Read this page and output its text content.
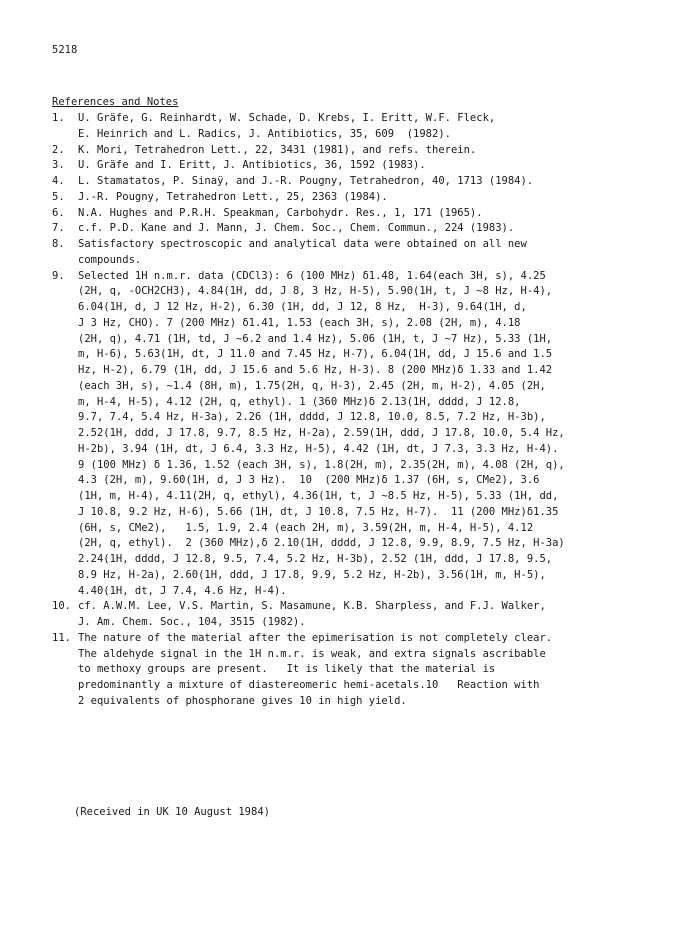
5218
References and Notes
1. U. Gräfe, G. Reinhardt, W. Schade, D. Krebs, I. Eritt, W.F. Fleck,
E. Heinrich and L. Radics, J. Antibiotics, 35, 609  (1982).
2. K. Mori, Tetrahedron Lett., 22, 3431 (1981), and refs. therein.
3. U. Gräfe and I. Eritt, J. Antibiotics, 36, 1592 (1983).
4. L. Stamatatos, P. Sinaÿ, and J.-R. Pougny, Tetrahedron, 40, 1713 (1984).
5. J.-R. Pougny, Tetrahedron Lett., 25, 2363 (1984).
6. N.A. Hughes and P.R.H. Speakman, Carbohydr. Res., 1, 171 (1965).
7. c.f. P.D. Kane and J. Mann, J. Chem. Soc., Chem. Commun., 224 (1983).
8. Satisfactory spectroscopic and analytical data were obtained on all new
compounds.
9. Selected 1H n.m.r. data (CDCl3): 6 (100 MHz) δ1.48, 1.64(each 3H, s), 4.25
(2H, q, -OCH2CH3), 4.84(1H, dd, J 8, 3 Hz, H-5), 5.90(1H, t, J ~8 Hz, H-4),
6.04(1H, d, J 12 Hz, H-2), 6.30 (1H, dd, J 12, 8 Hz,  H-3), 9.64(1H, d,
J 3 Hz, CHO). 7 (200 MHz) δ1.41, 1.53 (each 3H, s), 2.08 (2H, m), 4.18
(2H, q), 4.71 (1H, td, J ~6.2 and 1.4 Hz), 5.06 (1H, t, J ~7 Hz), 5.33 (1H,
m, H-6), 5.63(1H, dt, J 11.0 and 7.45 Hz, H-7), 6.04(1H, dd, J 15.6 and 1.5
Hz, H-2), 6.79 (1H, dd, J 15.6 and 5.6 Hz, H-3). 8 (200 MHz)δ 1.33 and 1.42
(each 3H, s), ~1.4 (8H, m), 1.75(2H, q, H-3), 2.45 (2H, m, H-2), 4.05 (2H,
m, H-4, H-5), 4.12 (2H, q, ethyl). 1 (360 MHz)δ 2.13(1H, dddd, J 12.8,
9.7, 7.4, 5.4 Hz, H-3a), 2.26 (1H, dddd, J 12.8, 10.0, 8.5, 7.2 Hz, H-3b),
2.52(1H, ddd, J 17.8, 9.7, 8.5 Hz, H-2a), 2.59(1H, ddd, J 17.8, 10.0, 5.4 Hz,
H-2b), 3.94 (1H, dt, J 6.4, 3.3 Hz, H-5), 4.42 (1H, dt, J 7.3, 3.3 Hz, H-4).
9 (100 MHz) δ 1.36, 1.52 (each 3H, s), 1.8(2H, m), 2.35(2H, m), 4.08 (2H, q),
4.3 (2H, m), 9.60(1H, d, J 3 Hz).  10  (200 MHz)δ 1.37 (6H, s, CMe2), 3.6
(1H, m, H-4), 4.11(2H, q, ethyl), 4.36(1H, t, J ~8.5 Hz, H-5), 5.33 (1H, dd,
J 10.8, 9.2 Hz, H-6), 5.66 (1H, dt, J 10.8, 7.5 Hz, H-7).  11 (200 MHz)δ1.35
(6H, s, CMe2),   1.5, 1.9, 2.4 (each 2H, m), 3.59(2H, m, H-4, H-5), 4.12
(2H, q, ethyl).  2 (360 MHz),δ 2.10(1H, dddd, J 12.8, 9.9, 8.9, 7.5 Hz, H-3a)
2.24(1H, dddd, J 12.8, 9.5, 7.4, 5.2 Hz, H-3b), 2.52 (1H, ddd, J 17.8, 9.5,
8.9 Hz, H-2a), 2.60(1H, ddd, J 17.8, 9.9, 5.2 Hz, H-2b), 3.56(1H, m, H-5),
4.40(1H, dt, J 7.4, 4.6 Hz, H-4).
10. cf. A.W.M. Lee, V.S. Martin, S. Masamune, K.B. Sharpless, and F.J. Walker,
J. Am. Chem. Soc., 104, 3515 (1982).
11. The nature of the material after the epimerisation is not completely clear.
The aldehyde signal in the 1H n.m.r. is weak, and extra signals ascribable
to methoxy groups are present.   It is likely that the material is
predominantly a mixture of diastereomeric hemi-acetals.10   Reaction with
2 equivalents of phosphorane gives 10 in high yield.
(Received in UK 10 August 1984)
